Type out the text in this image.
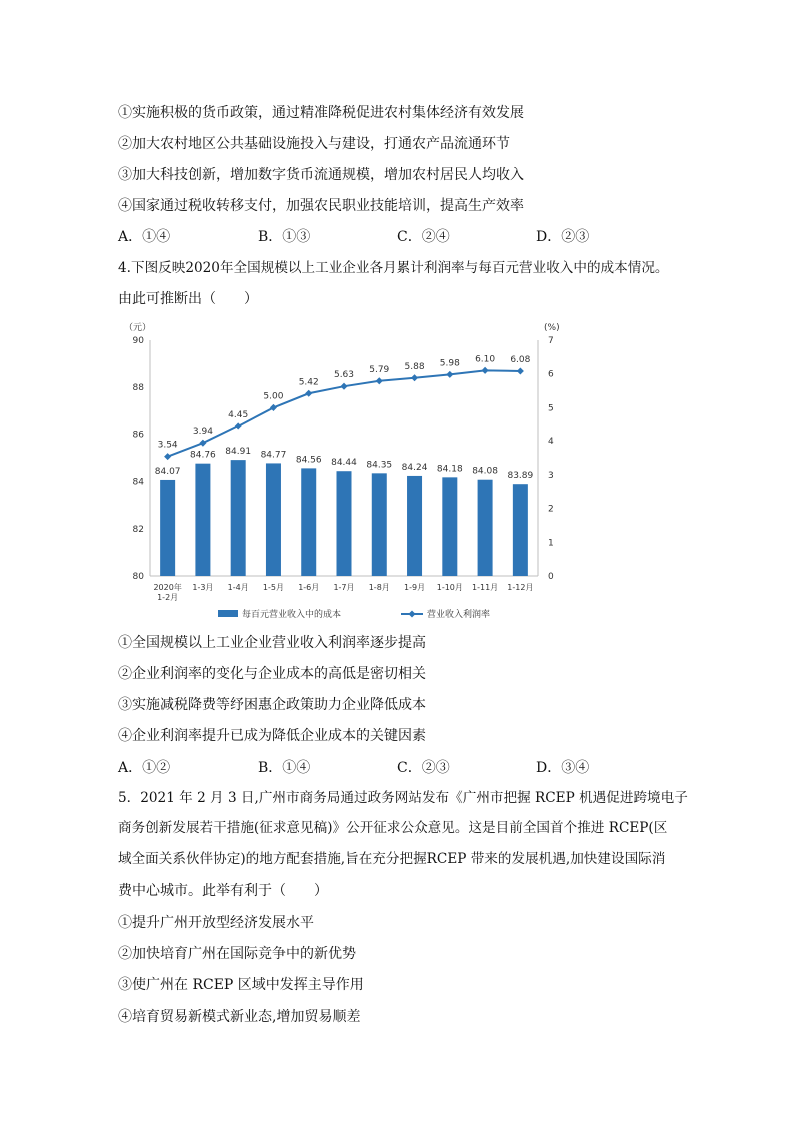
①实施积极的货币政策，通过精准降税促进农村集体经济有效发展
②加大农村地区公共基础设施投入与建设，打通农产品流通环节
③加大科技创新，增加数字货币流通规模，增加农村居民人均收入
④国家通过税收转移支付，加强农民职业技能培训，提高生产效率
A．①④	B．①③	C．②④	D．②③
4.下图反映2020年全国规模以上工业企业各月累计利润率与每百元营业收入中的成本情况。
由此可推断出（　　）
（元）	(%)
80
82
84
86
88
90
0
1
2
3
4
5
6
7
84.07
84.76 84.91 84.77 84.56 84.44 84.35 84.24 84.18 84.08 83.89
3.54
3.94
4.45
5.00
5.42
5.63
5.79 5.88 5.98 6.10 6.08
2020年 1-2月
1-3月 1-4月 1-5月 1-6月 1-7月 1-8月 1-9月 1-10月 1-11月 1-12月
每百元营业收入中的成本	营业收入利润率
①全国规模以上工业企业营业收入利润率逐步提高
②企业利润率的变化与企业成本的高低是密切相关
③实施减税降费等纾困惠企政策助力企业降低成本
④企业利润率提升已成为降低企业成本的关键因素
A．①②	B．①④	C．②③	D．③④
5．2021 年 2 月 3 日,广州市商务局通过政务网站发布《广州市把握 RCEP 机遇促进跨境电子
商务创新发展若干措施(征求意见稿)》公开征求公众意见。这是目前全国首个推进 RCEP(区
域全面关系伙伴协定)的地方配套措施,旨在充分把握RCEP 带来的发展机遇,加快建设国际消
费中心城市。此举有利于（　　）
①提升广州开放型经济发展水平
②加快培育广州在国际竞争中的新优势
③使广州在 RCEP 区域中发挥主导作用
④培育贸易新模式新业态,增加贸易顺差
